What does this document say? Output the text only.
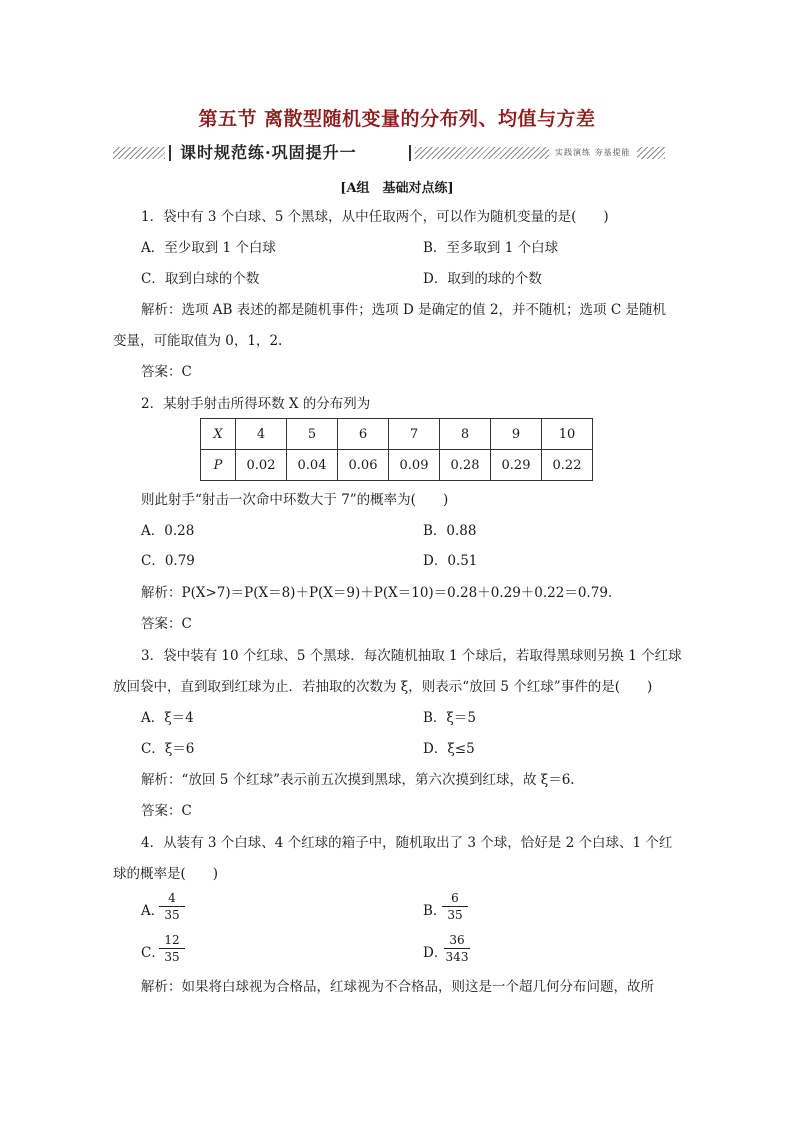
第五节 离散型随机变量的分布列、均值与方差
课时规范练·巩固提升一	实践演练 夯基提能
[A组　基础对点练]
1．袋中有 3 个白球、5 个黑球，从中任取两个，可以作为随机变量的是(　　)
A．至少取到 1 个白球	B．至多取到 1 个白球
C．取到白球的个数	D．取到的球的个数
解析：选项 AB 表述的都是随机事件；选项 D 是确定的值 2，并不随机；选项 C 是随机
变量，可能取值为 0，1，2.
答案：C
2．某射手射击所得环数 X 的分布列为
X	4	5	6	7	8	9	10
P	0.02	0.04	0.06	0.09	0.28	0.29	0.22
则此射手“射击一次命中环数大于 7”的概率为(　　)
A．0.28	B．0.88
C．0.79	D．0.51
解析：P(X>7)＝P(X＝8)＋P(X＝9)＋P(X＝10)＝0.28＋0.29＋0.22＝0.79.
答案：C
3．袋中装有 10 个红球、5 个黑球．每次随机抽取 1 个球后，若取得黑球则另换 1 个红球
放回袋中，直到取到红球为止．若抽取的次数为 ξ，则表示“放回 5 个红球”事件的是(　　)
A．ξ＝4	B．ξ＝5
C．ξ＝6	D．ξ≤5
解析：“放回 5 个红球”表示前五次摸到黑球，第六次摸到红球，故 ξ＝6.
答案：C
4．从装有 3 个白球、4 个红球的箱子中，随机取出了 3 个球，恰好是 2 个白球、1 个红
球的概率是(　　)
A．
4
35	B．
6
35
C．
12
35	D．
36
343
解析：如果将白球视为合格品，红球视为不合格品，则这是一个超几何分布问题，故所
